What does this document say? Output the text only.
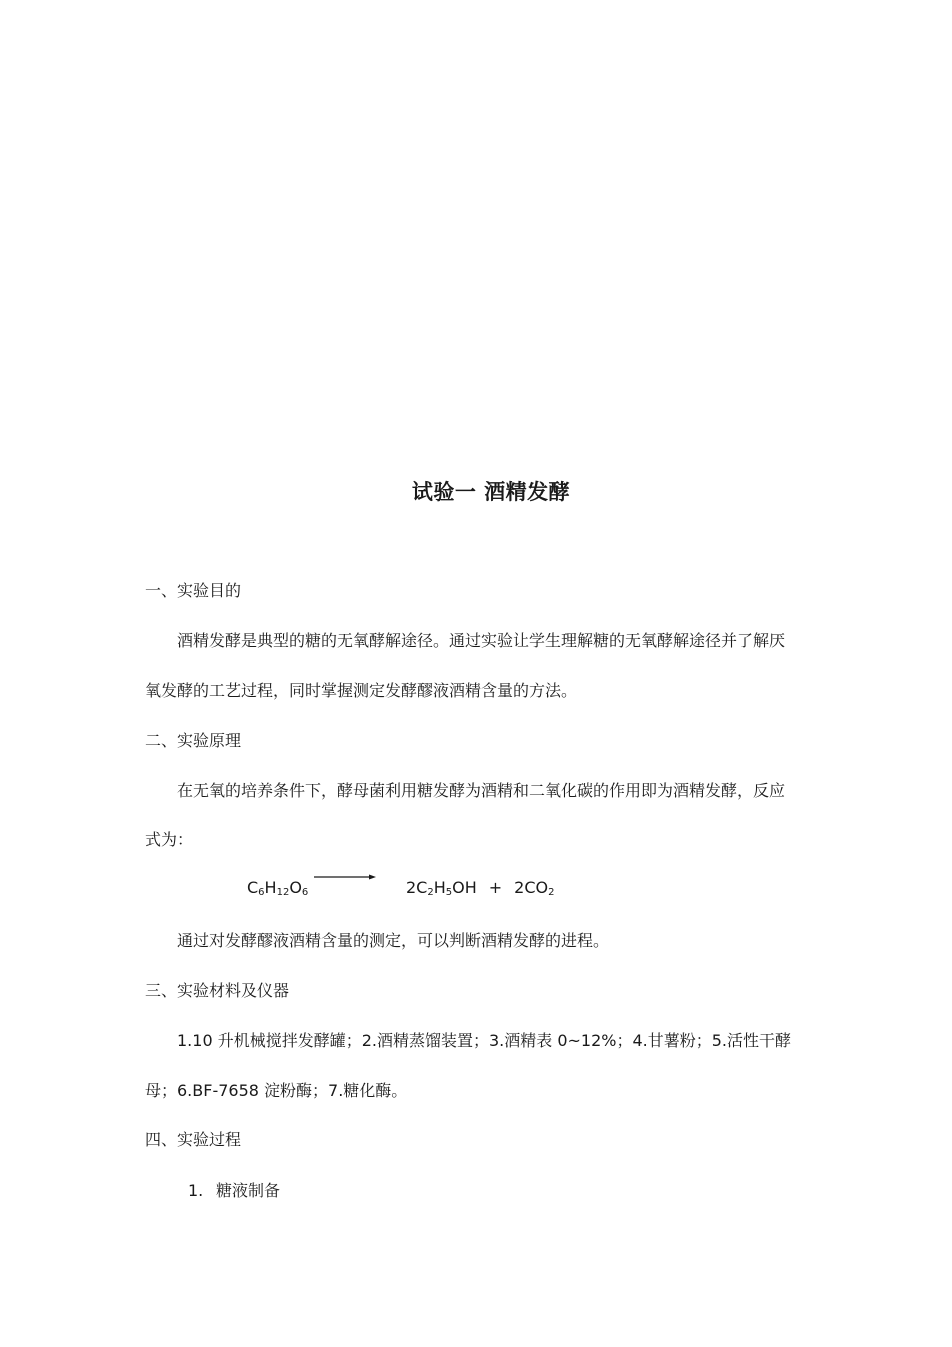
试验一 酒精发酵
一、实验目的
酒精发酵是典型的糖的无氧酵解途径。通过实验让学生理解糖的无氧酵解途径并了解厌
氧发酵的工艺过程，同时掌握测定发酵醪液酒精含量的方法。
二、实验原理
在无氧的培养条件下，酵母菌利用糖发酵为酒精和二氧化碳的作用即为酒精发酵，反应
式为：
$C_6H_{12}O_6$	$2C_2H_5OH + 2CO_2$
通过对发酵醪液酒精含量的测定，可以判断酒精发酵的进程。
三、实验材料及仪器
1.10 升机械搅拌发酵罐；2.酒精蒸馏装置；3.酒精表 0~12%；4.甘薯粉；5.活性干酵
母；6.BF-7658 淀粉酶；7.糖化酶。
四、实验过程
1. 糖液制备
